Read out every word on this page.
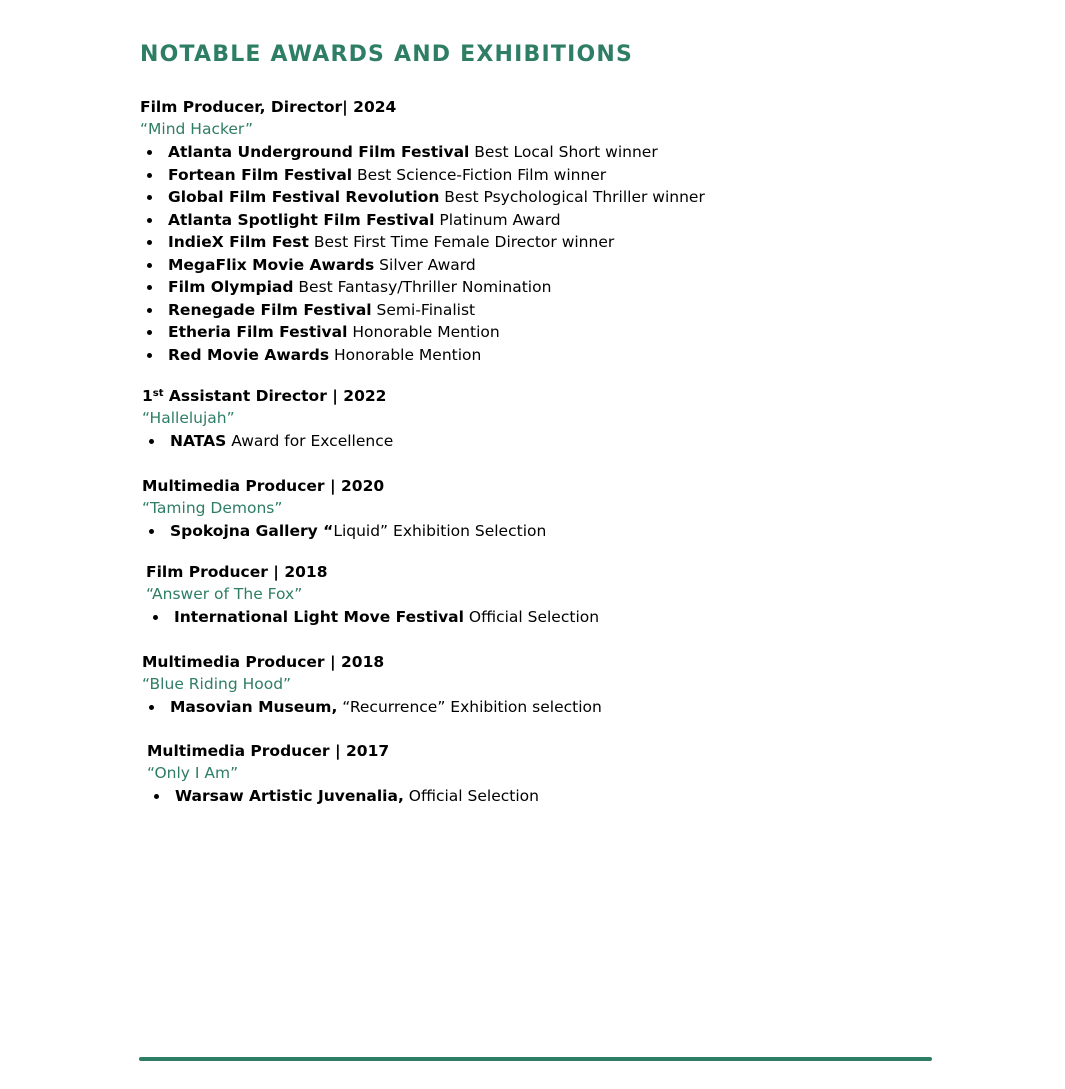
NOTABLE AWARDS AND EXHIBITIONS
Film Producer, Director| 2024
“Mind Hacker”
Atlanta Underground Film Festival Best Local Short winner
Fortean Film Festival Best Science-Fiction Film winner
Global Film Festival Revolution Best Psychological Thriller winner
Atlanta Spotlight Film Festival Platinum Award
IndieX Film Fest Best First Time Female Director winner
MegaFlix Movie Awards Silver Award
Film Olympiad Best Fantasy/Thriller Nomination
Renegade Film Festival Semi-Finalist
Etheria Film Festival Honorable Mention
Red Movie Awards Honorable Mention
1st Assistant Director | 2022
“Hallelujah”
NATAS Award for Excellence
Multimedia Producer | 2020
“Taming Demons”
Spokojna Gallery “Liquid” Exhibition Selection
Film Producer | 2018
“Answer of The Fox”
International Light Move Festival Official Selection
Multimedia Producer | 2018
“Blue Riding Hood”
Masovian Museum, “Recurrence” Exhibition selection
Multimedia Producer | 2017
“Only I Am”
Warsaw Artistic Juvenalia, Official Selection
